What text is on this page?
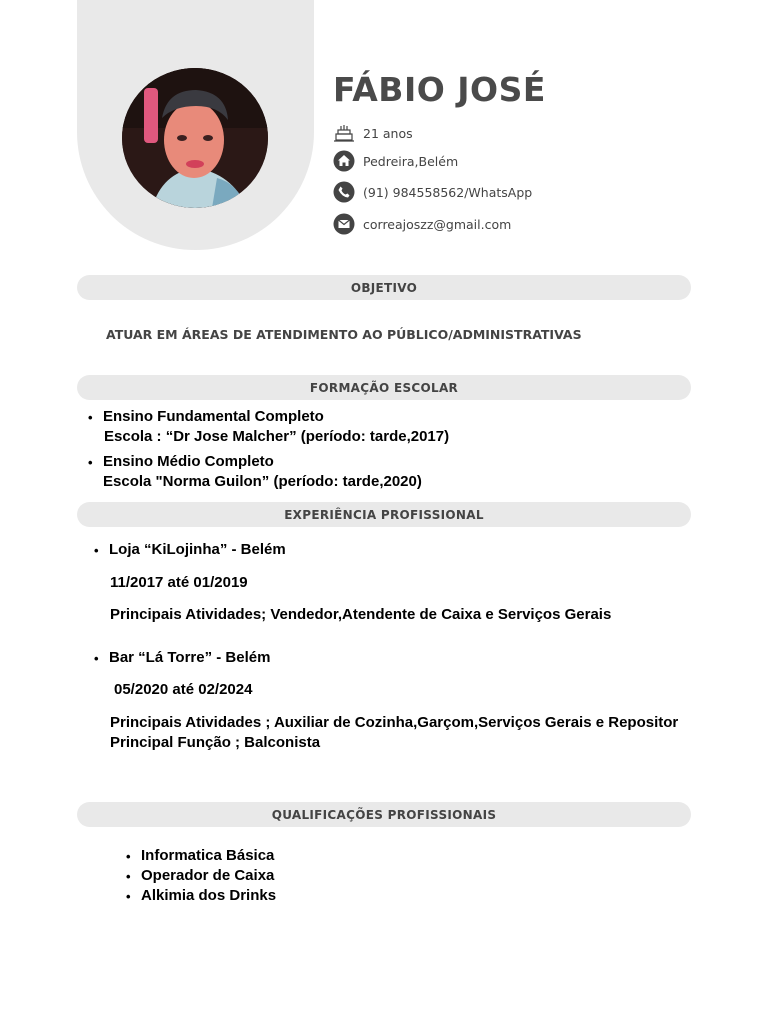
FÁBIO JOSÉ
21 anos
Pedreira,Belém
(91) 984558562/WhatsApp
correajoszz@gmail.com
OBJETIVO
ATUAR EM ÁREAS DE ATENDIMENTO AO PÚBLICO/ADMINISTRATIVAS
FORMAÇÃO ESCOLAR
• Ensino Fundamental Completo
Escola : “Dr Jose Malcher” (período: tarde,2017)
• Ensino Médio Completo
Escola "Norma Guilon” (período: tarde,2020)
EXPERIÊNCIA PROFISSIONAL
• Loja “KiLojinha” - Belém
11/2017 até 01/2019
Principais Atividades; Vendedor,Atendente de Caixa e Serviços Gerais
• Bar “Lá Torre” - Belém
05/2020 até 02/2024
Principais Atividades ; Auxiliar de Cozinha,Garçom,Serviços Gerais e Repositor
Principal Função ; Balconista
QUALIFICAÇÕES PROFISSIONAIS
• Informatica Básica
• Operador de Caixa
• Alkimia dos Drinks
